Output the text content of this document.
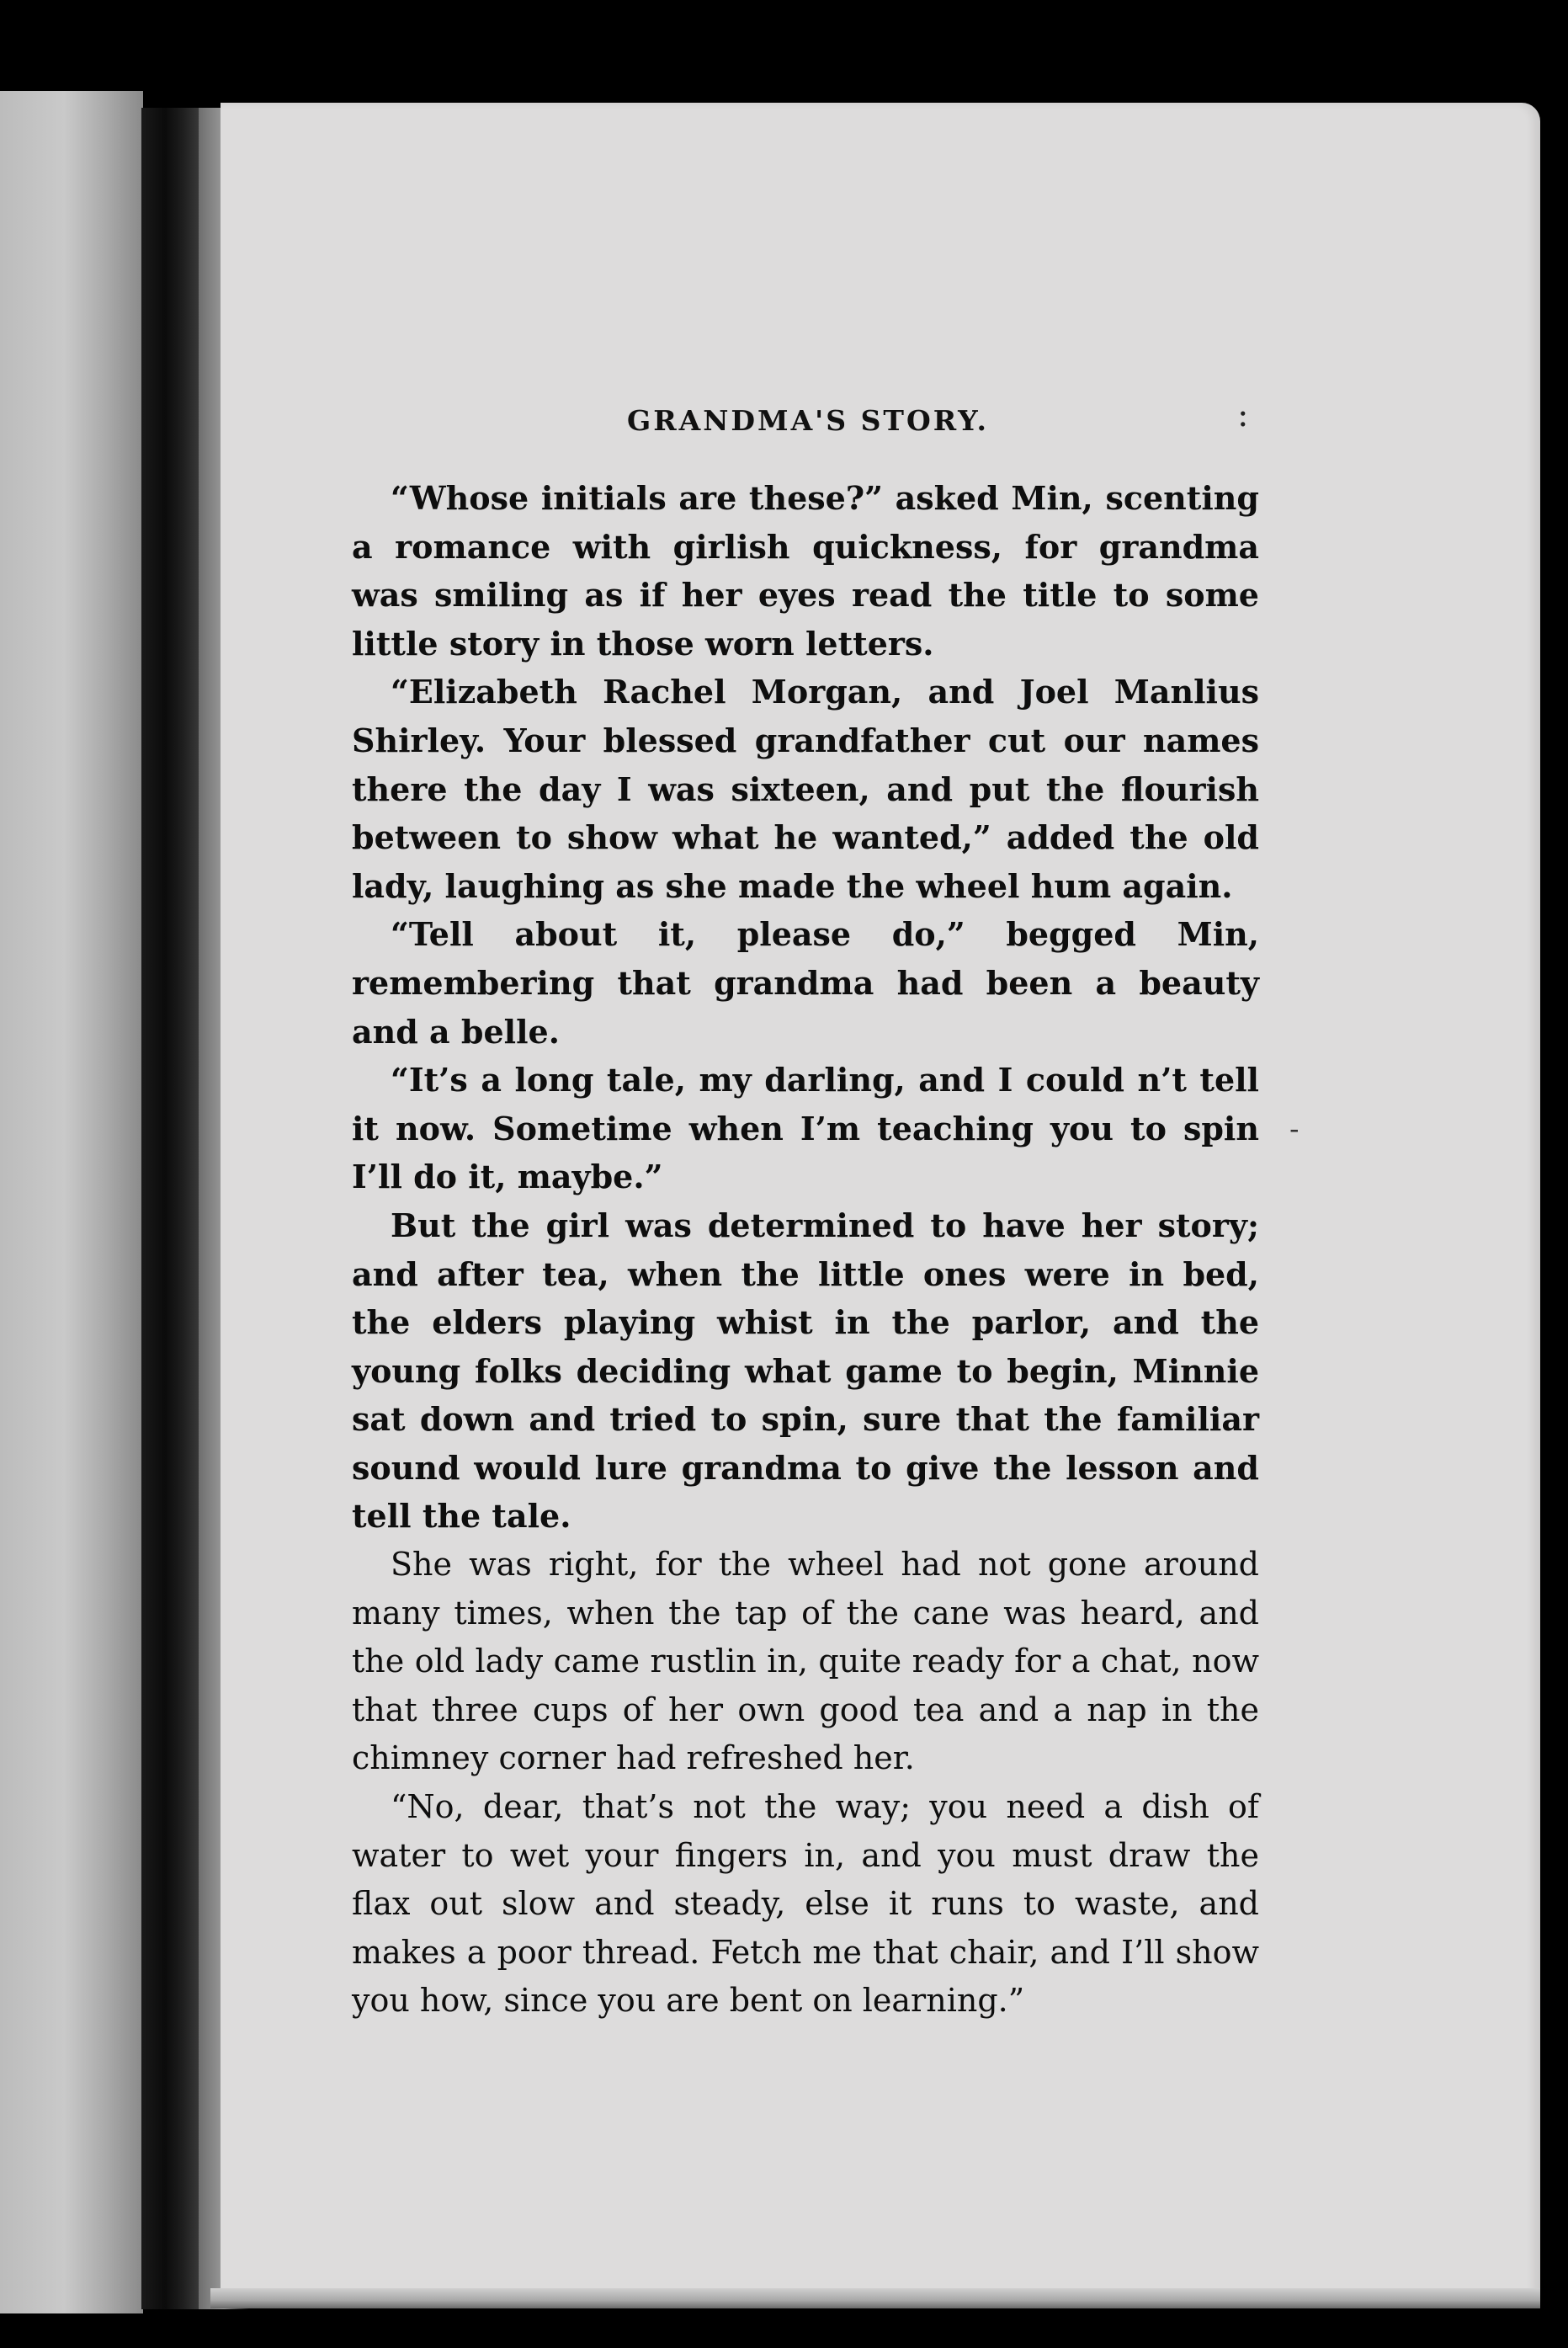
GRANDMA'S STORY.	:

“Whose initials are these?” asked Min, scenting a romance with girlish quickness, for grandma was smiling as if her eyes read the title to some little story in those worn letters.

“Elizabeth Rachel Morgan, and Joel Manlius Shirley. Your blessed grandfather cut our names there the day I was sixteen, and put the flourish between to show what he wanted,” added the old lady, laughing as she made the wheel hum again.

“Tell about it, please do,” begged Min, remembering that grandma had been a beauty and a belle.

“It’s a long tale, my darling, and I could n’t tell it now. Sometime when I’m teaching you to spin I’ll do it, maybe.”

But the girl was determined to have her story; and after tea, when the little ones were in bed, the elders playing whist in the parlor, and the young folks deciding what game to begin, Minnie sat down and tried to spin, sure that the familiar sound would lure grandma to give the lesson and tell the tale.

She was right, for the wheel had not gone around many times, when the tap of the cane was heard, and the old lady came rustlin in, quite ready for a chat, now that three cups of her own good tea and a nap in the chimney corner had refreshed her.

“No, dear, that’s not the way; you need a dish of water to wet your fingers in, and you must draw the flax out slow and steady, else it runs to waste, and makes a poor thread. Fetch me that chair, and I’ll show you how, since you are bent on learning.”

-
